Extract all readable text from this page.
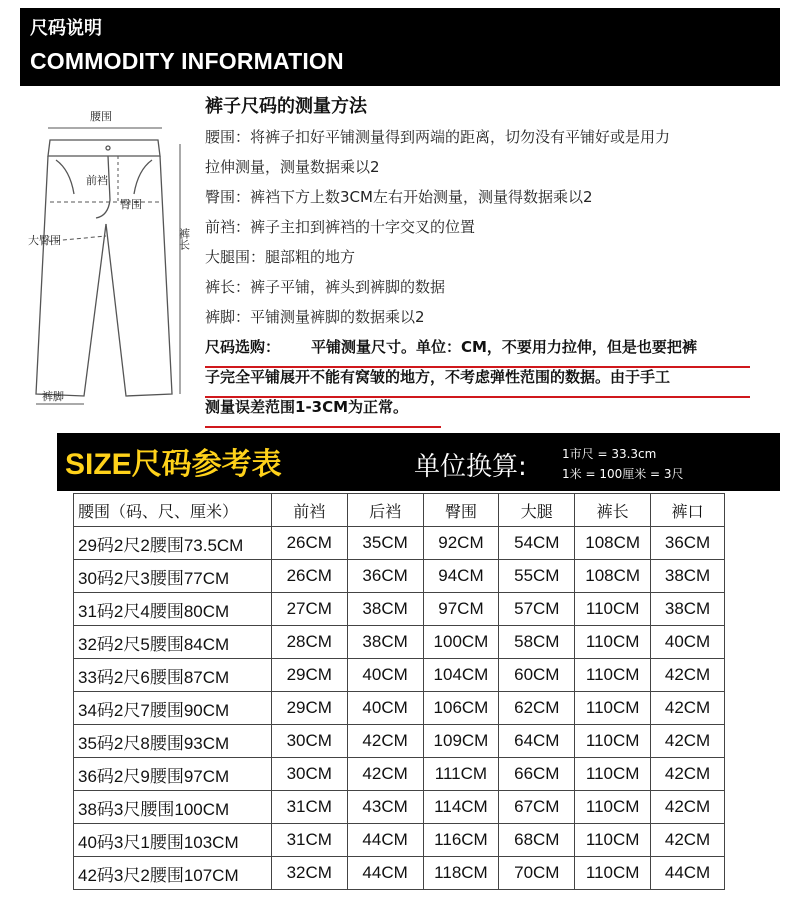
尺码说明
COMMODITY INFORMATION
腰围
前裆
臀围
大臀围	裤长
裤脚
裤子尺码的测量方法
腰围：将裤子扣好平铺测量得到两端的距离，切勿没有平铺好或是用力
拉伸测量，测量数据乘以2
臀围：裤裆下方上数3CM左右开始测量，测量得数据乘以2
前裆：裤子主扣到裤裆的十字交叉的位置
大腿围：腿部粗的地方
裤长：裤子平铺，裤头到裤脚的数据
裤脚：平铺测量裤脚的数据乘以2
尺码选购： 平铺测量尺寸。单位：CM，不要用力拉伸，但是也要把裤
子完全平铺展开不能有窝皱的地方，不考虑弹性范围的数据。由于手工
测量误差范围1-3CM为正常。
SIZE尺码参考表	单位换算:	1市尺 = 33.3cm
1米 = 100厘米 = 3尺
腰围（码、尺、厘米）	前裆	后裆	臀围	大腿	裤长	裤口
29码2尺2腰围73.5CM	26CM	35CM	92CM	54CM	108CM	36CM
30码2尺3腰围77CM	26CM	36CM	94CM	55CM	108CM	38CM
31码2尺4腰围80CM	27CM	38CM	97CM	57CM	110CM	38CM
32码2尺5腰围84CM	28CM	38CM	100CM	58CM	110CM	40CM
33码2尺6腰围87CM	29CM	40CM	104CM	60CM	110CM	42CM
34码2尺7腰围90CM	29CM	40CM	106CM	62CM	110CM	42CM
35码2尺8腰围93CM	30CM	42CM	109CM	64CM	110CM	42CM
36码2尺9腰围97CM	30CM	42CM	111CM	66CM	110CM	42CM
38码3尺腰围100CM	31CM	43CM	114CM	67CM	110CM	42CM
40码3尺1腰围103CM	31CM	44CM	116CM	68CM	110CM	42CM
42码3尺2腰围107CM	32CM	44CM	118CM	70CM	110CM	44CM
